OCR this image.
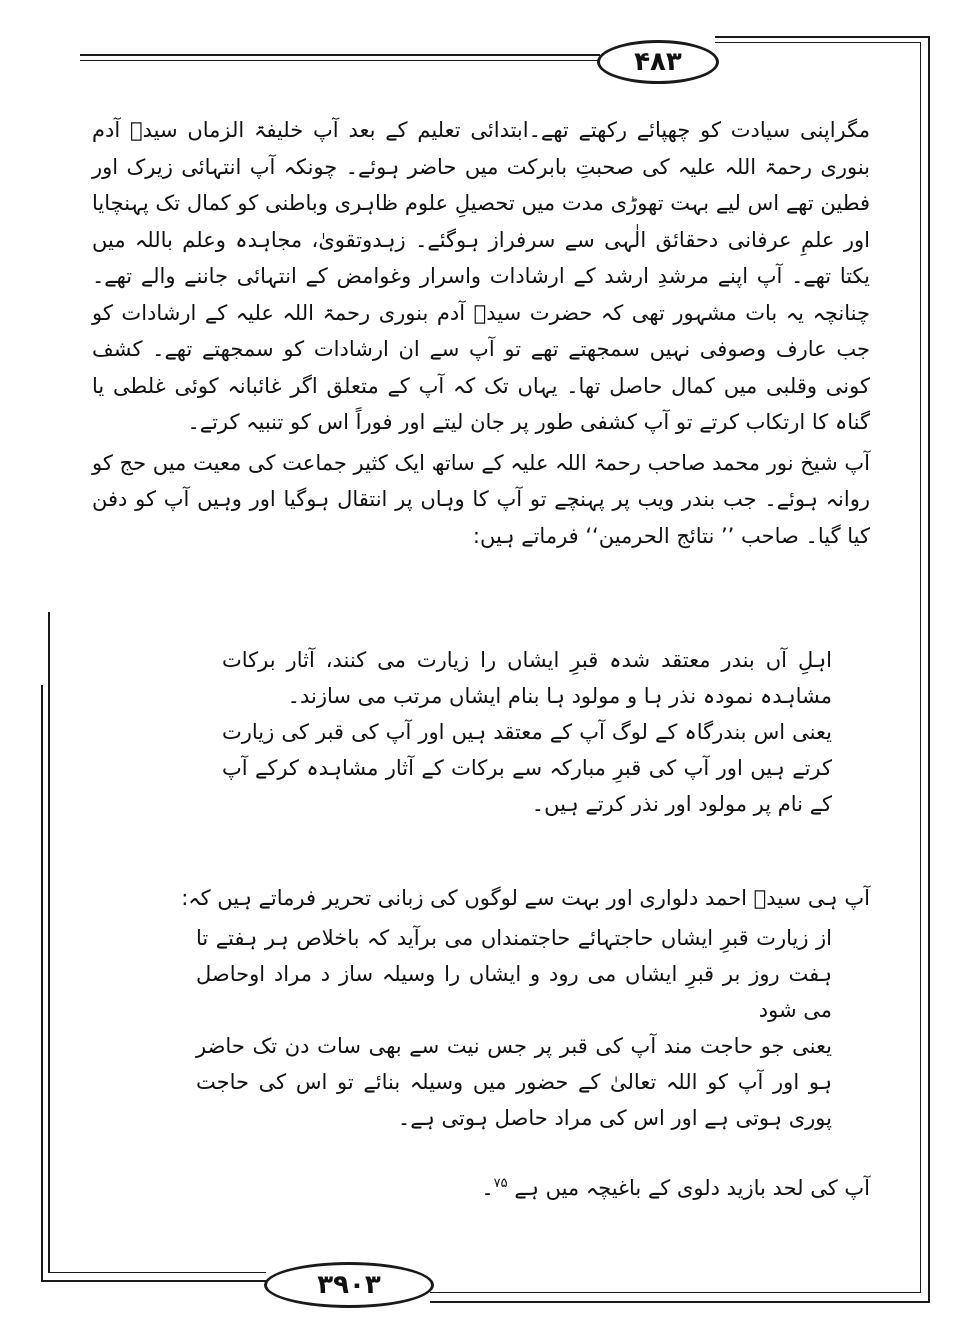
۴۸۳

مگراپنی سیادت کو چھپائے رکھتے تھے۔ابتدائی تعلیم کے بعد آپ خلیفۃ الزماں سیدؔ آدم بنوری رحمۃ اللہ علیہ کی صحبتِ بابرکت میں حاضر ہوئے۔ چونکہ آپ انتہائی زیرک اور فطین تھے اس لیے بہت تھوڑی مدت میں تحصیلِ علوم ظاہری وباطنی کو کمال تک پہنچایا اور علمِ عرفانی دحقائق الٰہی سے سرفراز ہوگئے۔ زہدوتقویٰ، مجاہدہ وعلم باللہ میں یکتا تھے۔ آپ اپنے مرشدِ ارشد کے ارشادات واسرار وغوامض کے انتہائی جاننے والے تھے۔ چنانچہ یہ بات مشہور تھی کہ حضرت سیدؔ آدم بنوری رحمۃ اللہ علیہ کے ارشادات کو جب عارف وصوفی نہیں سمجھتے تھے تو آپ سے ان ارشادات کو سمجھتے تھے۔ کشف کونی وقلبی میں کمال حاصل تھا۔ یہاں تک کہ آپ کے متعلق اگر غائبانہ کوئی غلطی یا گناہ کا ارتکاب کرتے تو آپ کشفی طور پر جان لیتے اور فوراً اس کو تنبیہ کرتے۔

آپ شیخ نور محمد صاحب رحمۃ اللہ علیہ کے ساتھ ایک کثیر جماعت کی معیت میں حج کو روانہ ہوئے۔ جب بندر ویب پر پہنچے تو آپ کا وہاں پر انتقال ہوگیا اور وہیں آپ کو دفن کیا گیا۔ صاحب ’’ نتائج الحرمین‘‘ فرماتے ہیں:

اہلِ آں بندر معتقد شدہ قبرِ ایشاں را زیارت می کنند، آثار برکات مشاہدہ نمودہ نذر ہا و مولود ہا بنام ایشاں مرتب می سازند۔

یعنی اس بندرگاہ کے لوگ آپ کے معتقد ہیں اور آپ کی قبر کی زیارت کرتے ہیں اور آپ کی قبرِ مبارکہ سے برکات کے آثار مشاہدہ کرکے آپ کے نام پر مولود اور نذر کرتے ہیں۔

آپ ہی سیدؔ احمد دلواری اور بہت سے لوگوں کی زبانی تحریر فرماتے ہیں کہ:

از زیارت قبرِ ایشاں حاجتہائے حاجتمنداں می برآید کہ باخلاص ہر ہفتے تا ہفت روز بر قبرِ ایشاں می رود و ایشاں را وسیلہ ساز د مراد اوحاصل می شود

یعنی جو حاجت مند آپ کی قبر پر جس نیت سے بھی سات دن تک حاضر ہو اور آپ کو اللہ تعالیٰ کے حضور میں وسیلہ بنائے تو اس کی حاجت پوری ہوتی ہے اور اس کی مراد حاصل ہوتی ہے۔

آپ کی لحد بازید دلوی کے باغیچہ میں ہے $^{۷۵}$۔

۳۹۰۳
